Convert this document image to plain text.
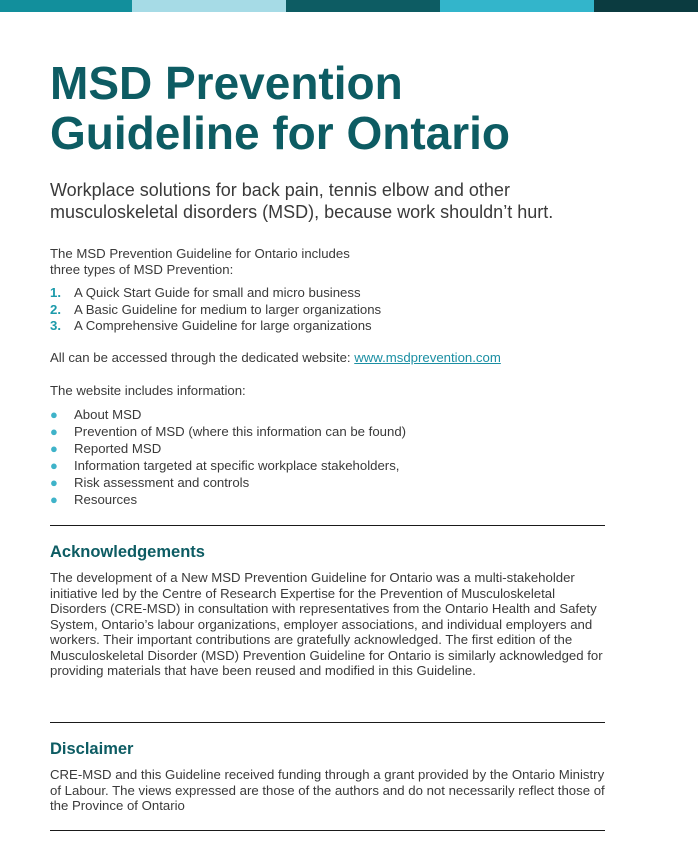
MSD Prevention Guideline for Ontario

Workplace solutions for back pain, tennis elbow and other musculoskeletal disorders (MSD), because work shouldn’t hurt.

The MSD Prevention Guideline for Ontario includes

three types of MSD Prevention:

1. A Quick Start Guide for small and micro business
2. A Basic Guideline for medium to larger organizations
3. A Comprehensive Guideline for large organizations

All can be accessed through the dedicated website: www.msdprevention.com

The website includes information:

● About MSD
● Prevention of MSD (where this information can be found)
● Reported MSD
● Information targeted at specific workplace stakeholders,
● Risk assessment and controls
● Resources
Acknowledgements

The development of a New MSD Prevention Guideline for Ontario was a multi-stakeholder initiative led by the Centre of Research Expertise for the Prevention of Musculoskeletal Disorders (CRE-MSD) in consultation with representatives from the Ontario Health and Safety System, Ontario’s labour organizations, employer associations, and individual employers and workers. Their important contributions are gratefully acknowledged. The first edition of the Musculoskeletal Disorder (MSD) Prevention Guideline for Ontario is similarly acknowledged for providing materials that have been reused and modified in this Guideline.

Disclaimer

CRE-MSD and this Guideline received funding through a grant provided by the Ontario Ministry of Labour. The views expressed are those of the authors and do not necessarily reflect those of the Province of Ontario
